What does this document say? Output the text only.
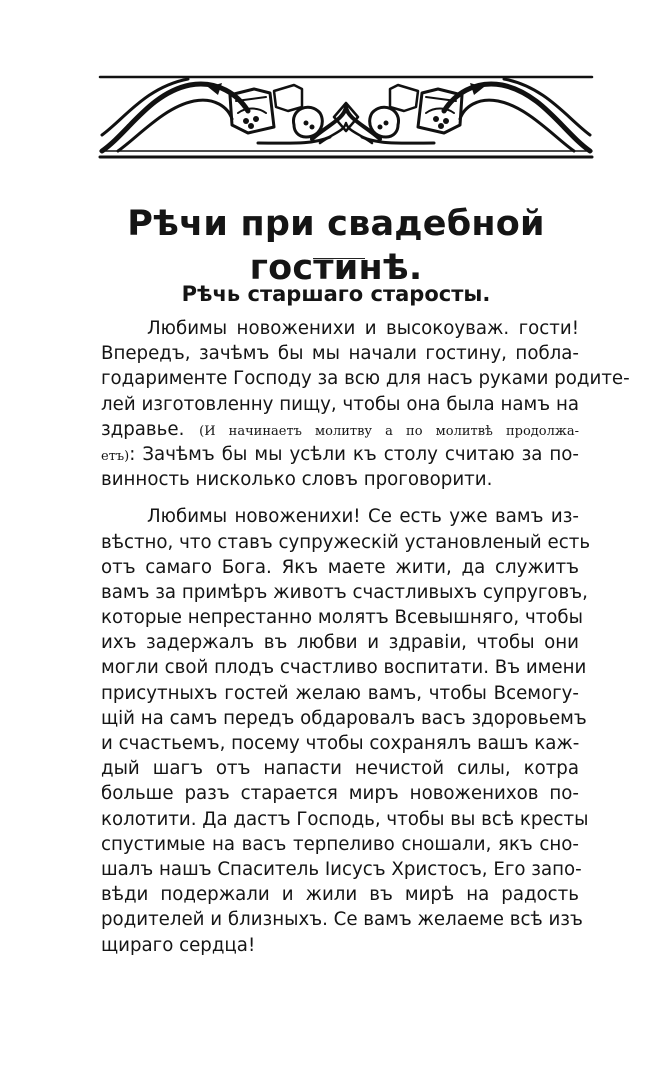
Рѣчи при свадебной гостинѣ.
Рѣчь старшаго старосты.
Любимы новоженихи и высокоуваж. гости!
Впередъ, зачѣмъ бы мы начали гостину, побла-
годарименте Господу за всю для насъ руками родите-
лей изготовленну пищу, чтобы она была намъ на
здравье. (И начинаетъ молитву а по молитвѣ продолжа-
етъ): Зачѣмъ бы мы усѣли къ столу считаю за по-
винность нисколько словъ проговорити.
Любимы новоженихи! Се есть уже вамъ из-
вѣстно, что ставъ супружескій установленый есть
отъ самаго Бога. Якъ маете жити, да служитъ
вамъ за примѣръ животъ счастливыхъ супруговъ,
которые непрестанно молятъ Всевышняго, чтобы
ихъ задержалъ въ любви и здравіи, чтобы они
могли свой плодъ счастливо воспитати. Въ имени
присутныхъ гостей желаю вамъ, чтобы Всемогу-
щій на самъ передъ обдаровалъ васъ здоровьемъ
и счастьемъ, посему чтобы сохранялъ вашъ каж-
дый шагъ отъ напасти нечистой силы, котра
больше разъ старается миръ новоженихов по-
колотити. Да дастъ Господь, чтобы вы всѣ кресты
спустимые на васъ терпеливо сношали, якъ сно-
шалъ нашъ Спаситель Іисусъ Христосъ, Его запо-
вѣди подержали и жили въ мирѣ на радость
родителей и близныхъ. Се вамъ желаеме всѣ изъ
щираго сердца!
